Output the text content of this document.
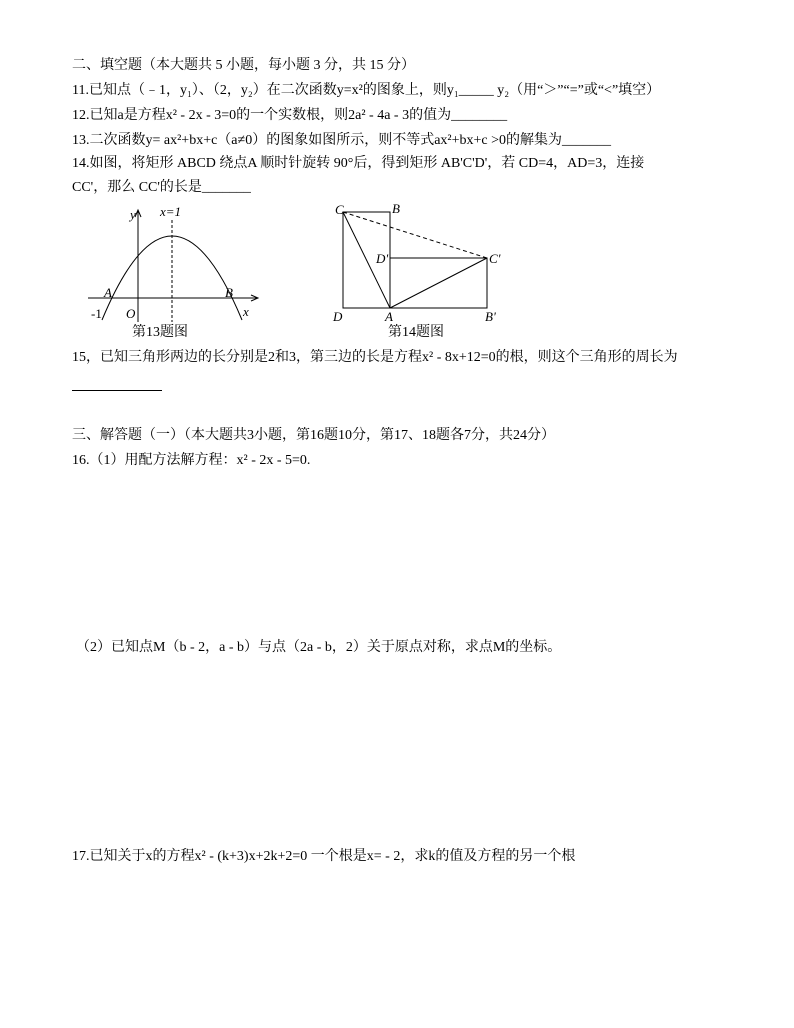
二、填空题（本大题共 5 小题，每小题 3 分，共 15 分）
11.已知点（﹣1，y₁）、（2，y₂）在二次函数y=x²的图象上，则y₁_____ y₂（用“＞”“=”或“<”填空）
12.已知a是方程x² - 2x - 3=0的一个实数根，则2a² - 4a - 3的值为________
13.二次函数y= ax²+bx+c（a≠0）的图象如图所示，则不等式ax²+bx+c >0的解集为_______
14.如图，将矩形 ABCD 绕点A 顺时针旋转 90°后，得到矩形 AB'C'D'，若 CD=4，AD=3，连接
CC'，那么 CC'的长是_______
y x=1
A	B
-1 O	x
C	B
D'	C'
D	A	B'
第13题图	第14题图
15，已知三角形两边的长分别是2和3，第三边的长是方程x² - 8x+12=0的根，则这个三角形的周长为
三、解答题（一）（本大题共3小题，第16题10分，第17、18题各7分，共24分）
16.（1）用配方法解方程：x² - 2x - 5=0.
（2）已知点M（b - 2，a - b）与点（2a - b，2）关于原点对称，求点M的坐标。
17.已知关于x的方程x² - (k+3)x+2k+2=0 一个根是x= - 2，求k的值及方程的另一个根
